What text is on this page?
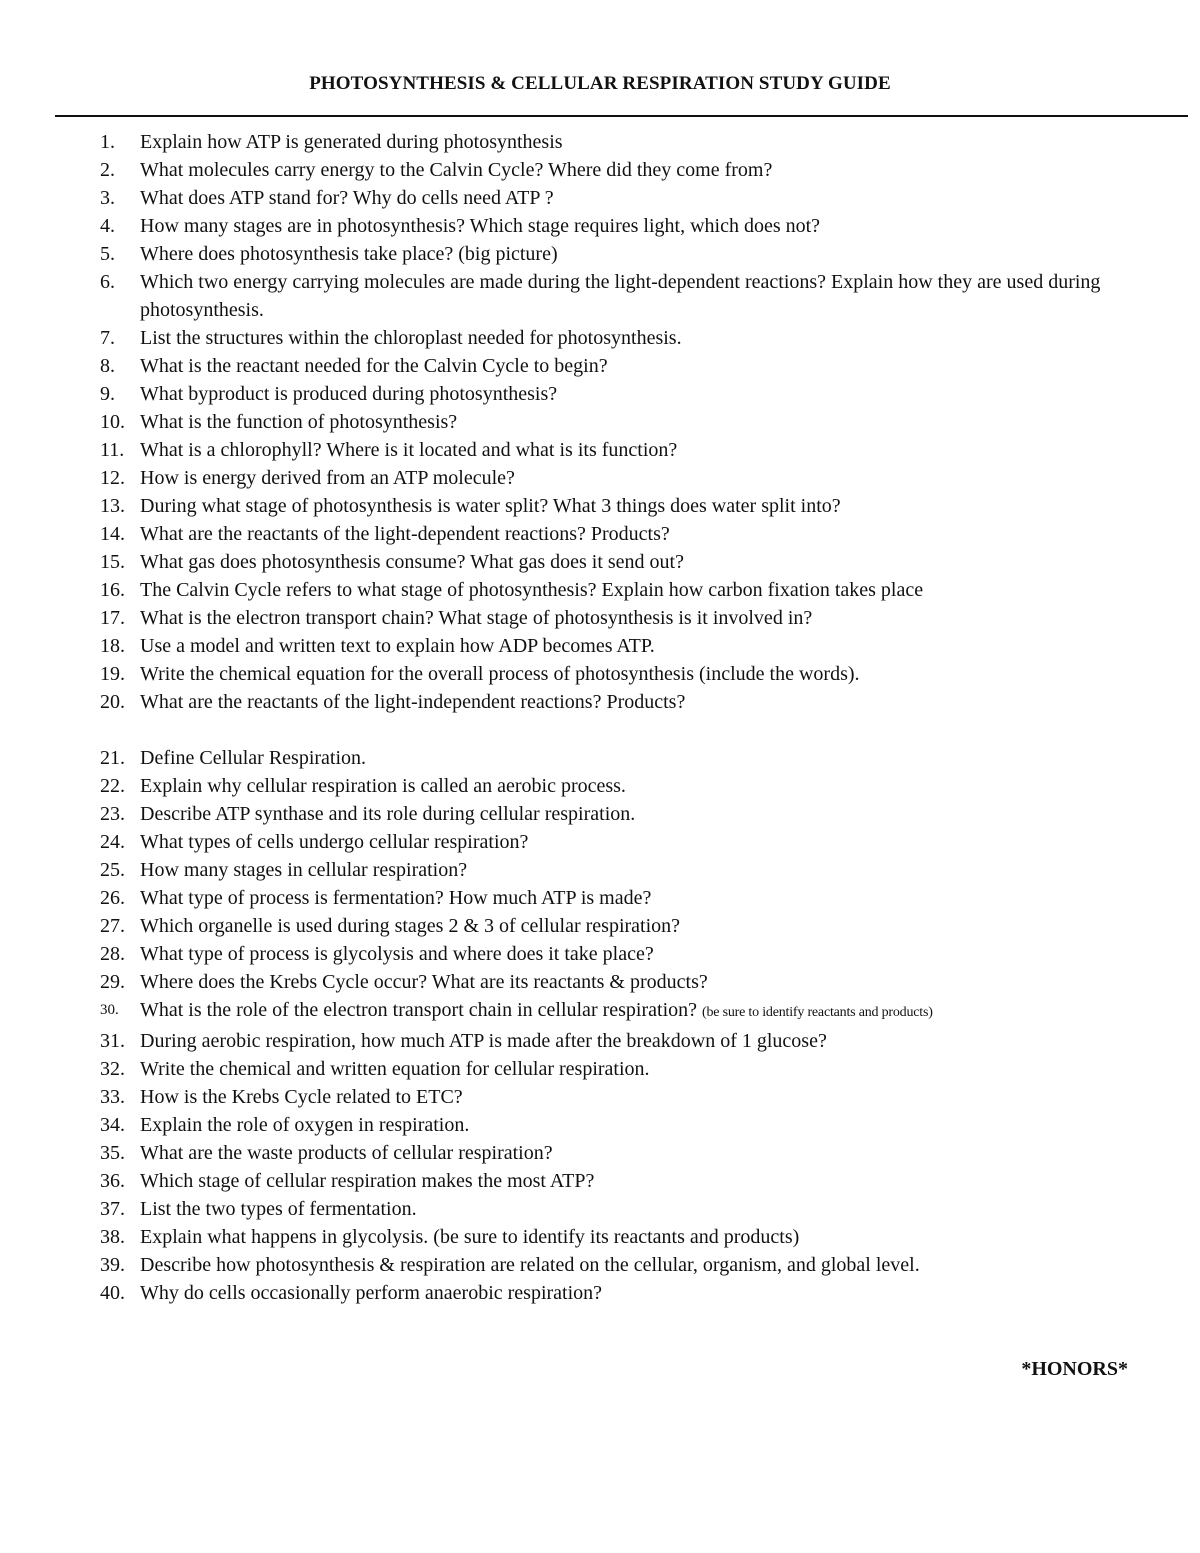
PHOTOSYNTHESIS & CELLULAR RESPIRATION STUDY GUIDE
1.	Explain how ATP is generated during photosynthesis
2.	What molecules carry energy to the Calvin Cycle? Where did they come from?
3.	What does ATP stand for? Why do cells need ATP ?
4.	How many stages are in photosynthesis? Which stage requires light, which does not?
5.	Where does photosynthesis take place? (big picture)
6.	Which two energy carrying molecules are made during the light-dependent reactions? Explain how they are used during photosynthesis.
7.	List the structures within the chloroplast needed for photosynthesis.
8.	What is the reactant needed for the Calvin Cycle to begin?
9.	What byproduct is produced during photosynthesis?
10. What is the function of photosynthesis?
11. What is a chlorophyll? Where is it located and what is its function?
12. How is energy derived from an ATP molecule?
13. During what stage of photosynthesis is water split? What 3 things does water split into?
14. What are the reactants of the light-dependent reactions? Products?
15. What gas does photosynthesis consume? What gas does it send out?
16. The Calvin Cycle refers to what stage of photosynthesis? Explain how carbon fixation takes place
17. What is the electron transport chain? What stage of photosynthesis is it involved in?
18. Use a model and written text to explain how ADP becomes ATP.
19. Write the chemical equation for the overall process of photosynthesis (include the words).
20. What are the reactants of the light-independent reactions? Products?
21. Define Cellular Respiration.
22. Explain why cellular respiration is called an aerobic process.
23. Describe ATP synthase and its role during cellular respiration.
24. What types of cells undergo cellular respiration?
25. How many stages in cellular respiration?
26. What type of process is fermentation? How much ATP is made?
27. Which organelle is used during stages 2 & 3 of cellular respiration?
28. What type of process is glycolysis and where does it take place?
29. Where does the Krebs Cycle occur? What are its reactants & products?
30.	What is the role of the electron transport chain in cellular respiration? (be sure to identify reactants and products)
31. During aerobic respiration, how much ATP is made after the breakdown of 1 glucose?
32. Write the chemical and written equation for cellular respiration.
33. How is the Krebs Cycle related to ETC?
34. Explain the role of oxygen in respiration.
35. What are the waste products of cellular respiration?
36. Which stage of cellular respiration makes the most ATP?
37. List the two types of fermentation.
38. Explain what happens in glycolysis. (be sure to identify its reactants and products)
39. Describe how photosynthesis & respiration are related on the cellular, organism, and global level.
40. Why do cells occasionally perform anaerobic respiration?
*HONORS*
